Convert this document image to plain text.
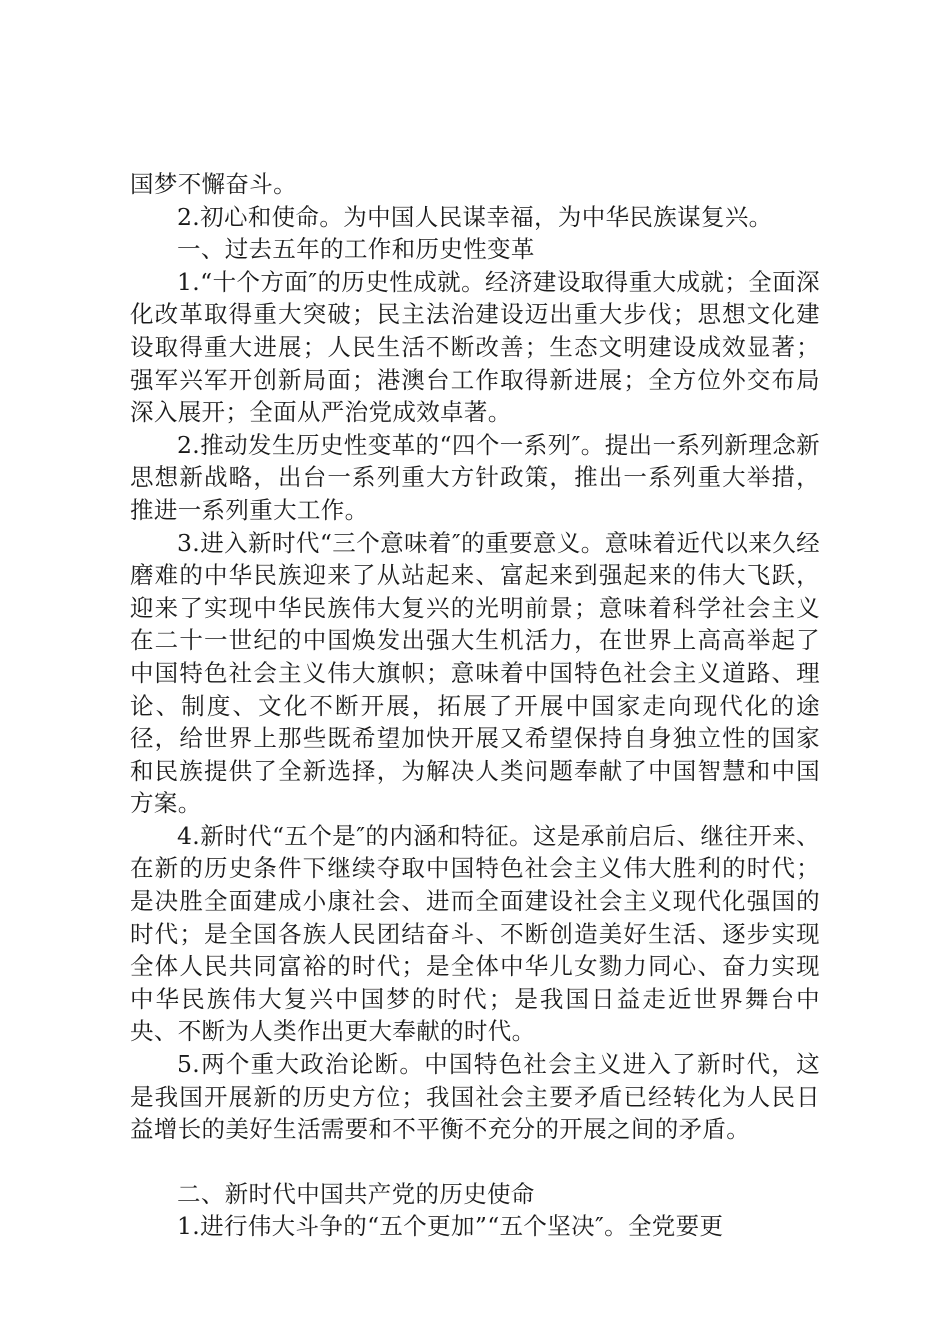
国梦不懈奋斗。

2.初心和使命。为中国人民谋幸福，为中华民族谋复兴。

一、过去五年的工作和历史性变革

1.“十个方面″的历史性成就。经济建设取得重大成就；全面深化改革取得重大突破；民主法治建设迈出重大步伐；思想文化建设取得重大进展；人民生活不断改善；生态文明建设成效显著；强军兴军开创新局面；港澳台工作取得新进展；全方位外交布局深入展开；全面从严治党成效卓著。

2.推动发生历史性变革的“四个一系列″。提出一系列新理念新思想新战略，出台一系列重大方针政策，推出一系列重大举措，推进一系列重大工作。

3.进入新时代“三个意味着″的重要意义。意味着近代以来久经磨难的中华民族迎来了从站起来、富起来到强起来的伟大飞跃，迎来了实现中华民族伟大复兴的光明前景；意味着科学社会主义在二十一世纪的中国焕发出强大生机活力，在世界上高高举起了中国特色社会主义伟大旗帜；意味着中国特色社会主义道路、理论、制度、文化不断开展，拓展了开展中国家走向现代化的途径，给世界上那些既希望加快开展又希望保持自身独立性的国家和民族提供了全新选择，为解决人类问题奉献了中国智慧和中国方案。

4.新时代“五个是″的内涵和特征。这是承前启后、继往开来、在新的历史条件下继续夺取中国特色社会主义伟大胜利的时代；是决胜全面建成小康社会、进而全面建设社会主义现代化强国的时代；是全国各族人民团结奋斗、不断创造美好生活、逐步实现全体人民共同富裕的时代；是全体中华儿女勠力同心、奋力实现中华民族伟大复兴中国梦的时代；是我国日益走近世界舞台中央、不断为人类作出更大奉献的时代。

5.两个重大政治论断。中国特色社会主义进入了新时代，这是我国开展新的历史方位；我国社会主要矛盾已经转化为人民日益增长的美好生活需要和不平衡不充分的开展之间的矛盾。

二、新时代中国共产党的历史使命

1.进行伟大斗争的“五个更加”“五个坚决″。全党要更
